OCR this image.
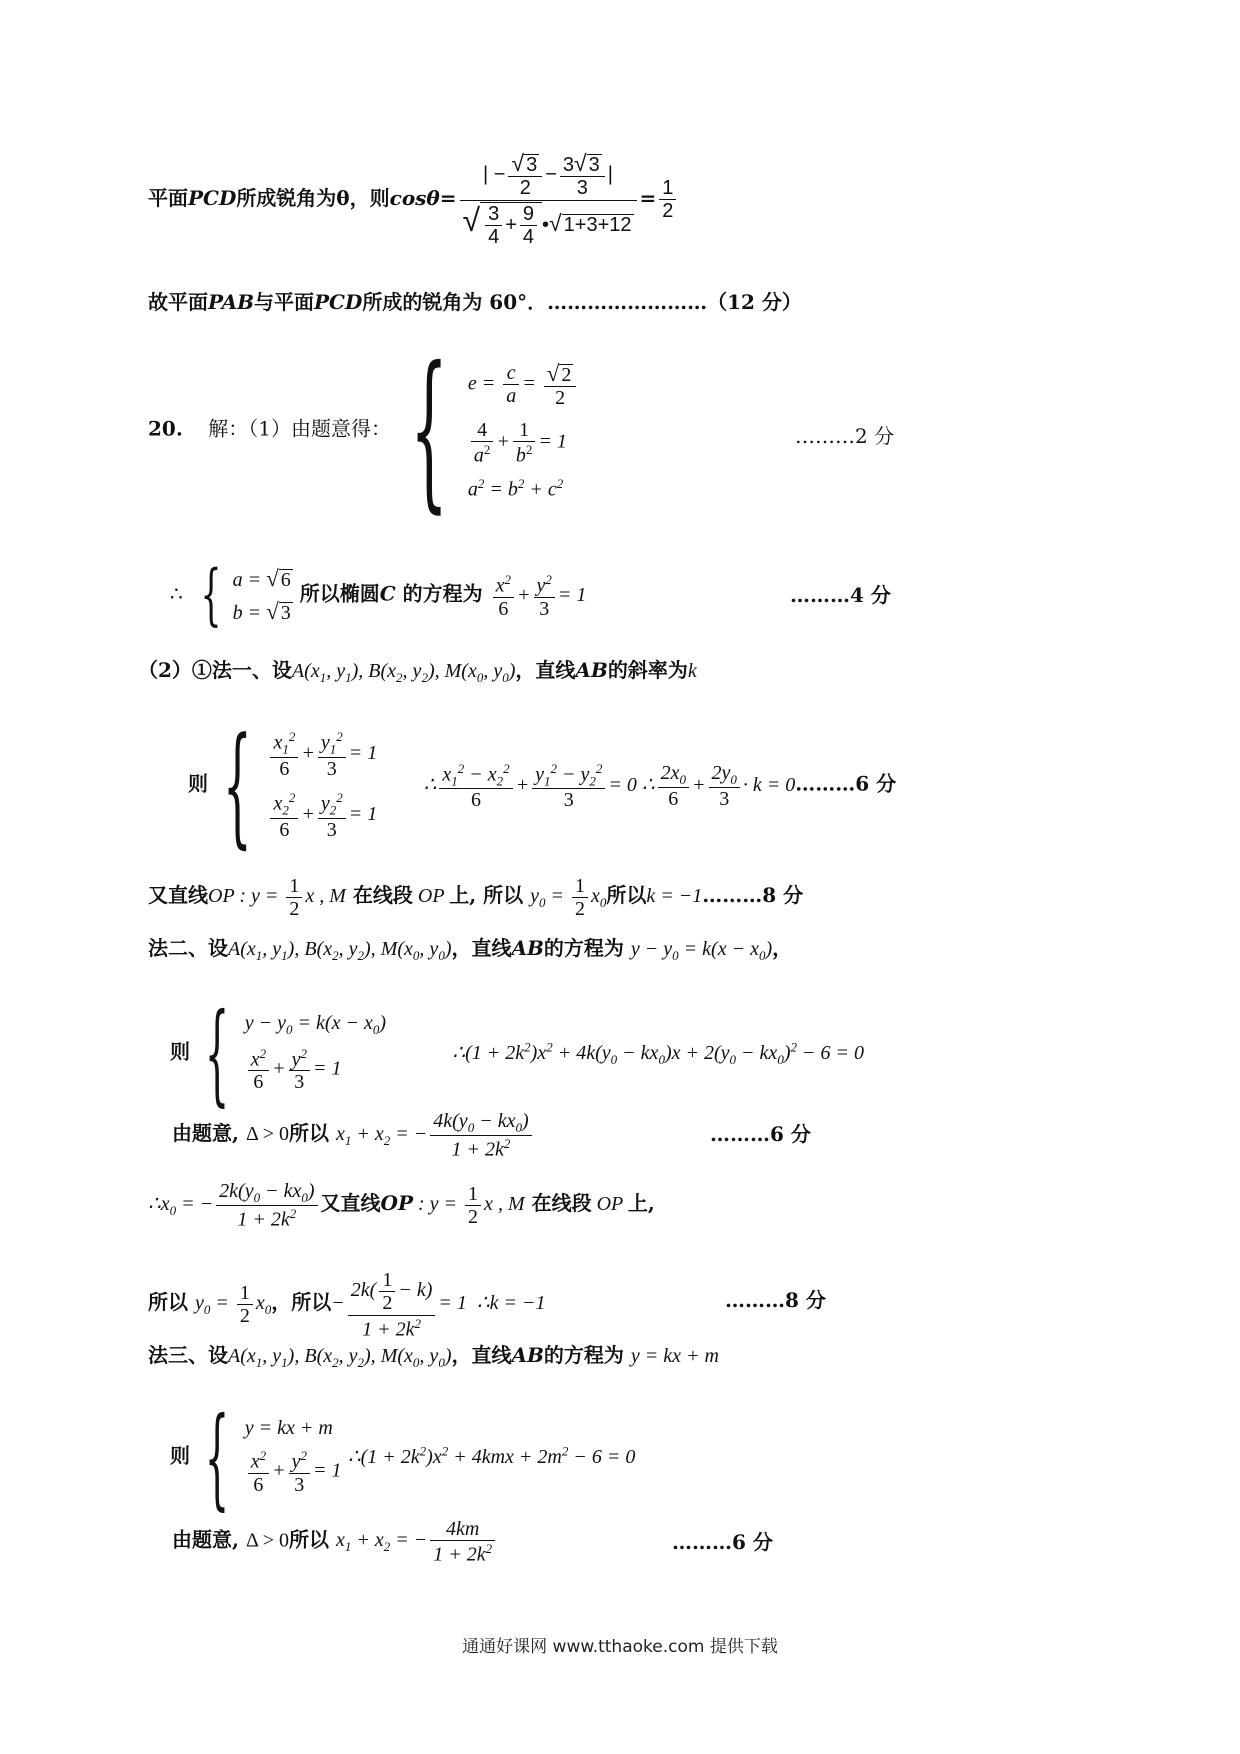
平面PCD所成锐角为θ，则$\cos\theta= \frac{| - \frac{√ 3}{2} - \frac{3√ 3}{3} |}{√ \frac{3}{4} + \frac{9}{4} •√ 1+3+12} = \frac{1}{2}$
故平面PAB与平面PCD所成的锐角为 60°．……………………（12 分）
20. 解：（1）由题意得： { $e = \frac{c}{a} = \frac{√ 2}{2}$
$\frac{4}{a^2} + \frac{1}{b^2} = 1$
$a^2 = b^2 + c^2$
………2 分
∴ { a = √ 6
b = √ 3
所以椭圆C 的方程为 $\frac{x^2}{6} + \frac{y^2}{3} = 1$	………4 分
（2）①法一、设$A(x_1$, $y_1$), $B(x_2$, $y_2$), $M(x_0$, $y_0$)，直线AB的斜率为k
则 { $\frac{x_1^2}{6} + \frac{y_1^2}{3} = 1$
$\frac{x_2^2}{6} + \frac{y_2^2}{3} = 1$
∴ $\frac{x_1^2 - x_2^2}{6} + \frac{y_1^2 - y_2^2}{3} = 0$ ∴ $\frac{2x_0}{6} + \frac{2y_0}{3} \cdot k$ = 0………6 分
又直线OP : $y = \frac{1}{2}$ x , M 在线段 OP 上, 所以 $y_0 = \frac{1}{2} x_0$所以k = −1………8 分
法二、设$A(x_1$, $y_1$), $B(x_2$, $y_2$), $M(x_0$, $y_0$)，直线AB的方程为 $y - y_0 = k(x - x_0)$，
则 { $y - y_0 = k(x - x_0)$
$\frac{x^2}{6} + \frac{y^2}{3} = 1$
∴(1 + $2k^2)x^2 + 4k(y_0 - kx_0)x + 2(y_0 - kx_0)^2 - 6 = 0$
由题意, Δ > 0所以 $x_1 + x_2$ = − $\frac{4k(y_0 - kx_0)}{1 + 2k^2}$	………6 分
$\therefore x_0$ = − $\frac{2k(y_0 - kx_0)}{1 + 2k^2}$ 又直线OP : $y = \frac{1}{2}$ x , M 在线段 OP 上,
所以 $y_0 = \frac{1}{2} x_0$，所以− $\frac{2k( \frac{1}{2} - k)}{1 + 2k^2} = 1$  ∴k = −1	………8 分
法三、设$A(x_1$, $y_1$), $B(x_2$, $y_2$), $M(x_0$, $y_0$)，直线AB的方程为 y = kx + m
则 { y = kx + m
$\frac{x^2}{6} + \frac{y^2}{3} = 1$
∴(1 + $2k^2)x^2 + 4kmx + 2m^2 - 6 = 0$
由题意, Δ > 0所以 $x_1 + x_2$ = − $\frac{4km}{1 + 2k^2}$	………6 分
通通好课网 www.tthaoke.com 提供下载
